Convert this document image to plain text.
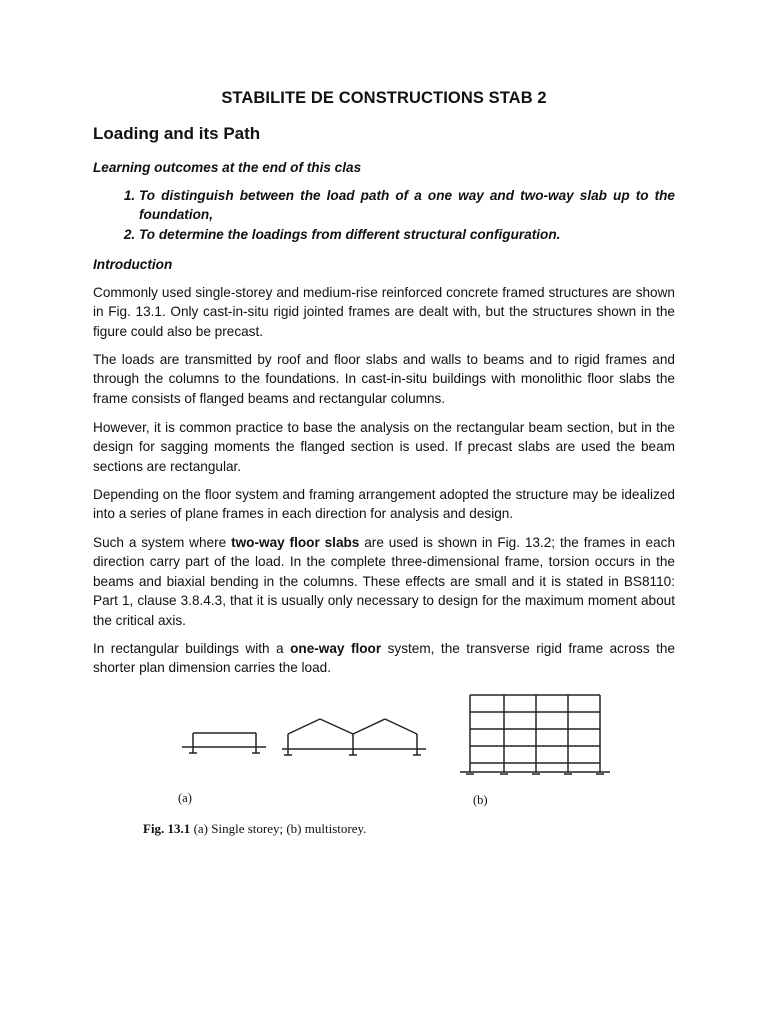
STABILITE DE CONSTRUCTIONS STAB 2
Loading and its Path

Learning outcomes at the end of this clas

1. To distinguish between the load path of a one way and two-way slab up to the foundation,
2. To determine the loadings from different structural configuration.

Introduction

Commonly used single-storey and medium-rise reinforced concrete framed structures are shown in Fig. 13.1. Only cast-in-situ rigid jointed frames are dealt with, but the structures shown in the figure could also be precast.

The loads are transmitted by roof and floor slabs and walls to beams and to rigid frames and through the columns to the foundations. In cast-in-situ buildings with monolithic floor slabs the frame consists of flanged beams and rectangular columns.

However, it is common practice to base the analysis on the rectangular beam section, but in the design for sagging moments the flanged section is used. If precast slabs are used the beam sections are rectangular.

Depending on the floor system and framing arrangement adopted the structure may be idealized into a series of plane frames in each direction for analysis and design.

Such a system where two-way floor slabs are used is shown in Fig. 13.2; the frames in each direction carry part of the load. In the complete three-dimensional frame, torsion occurs in the beams and biaxial bending in the columns. These effects are small and it is stated in BS8110: Part 1, clause 3.8.4.3, that it is usually only necessary to design for the maximum moment about the critical axis.

In rectangular buildings with a one-way floor system, the transverse rigid frame across the shorter plan dimension carries the load.

(a)	(b)
Fig. 13.1 (a) Single storey; (b) multistorey.
